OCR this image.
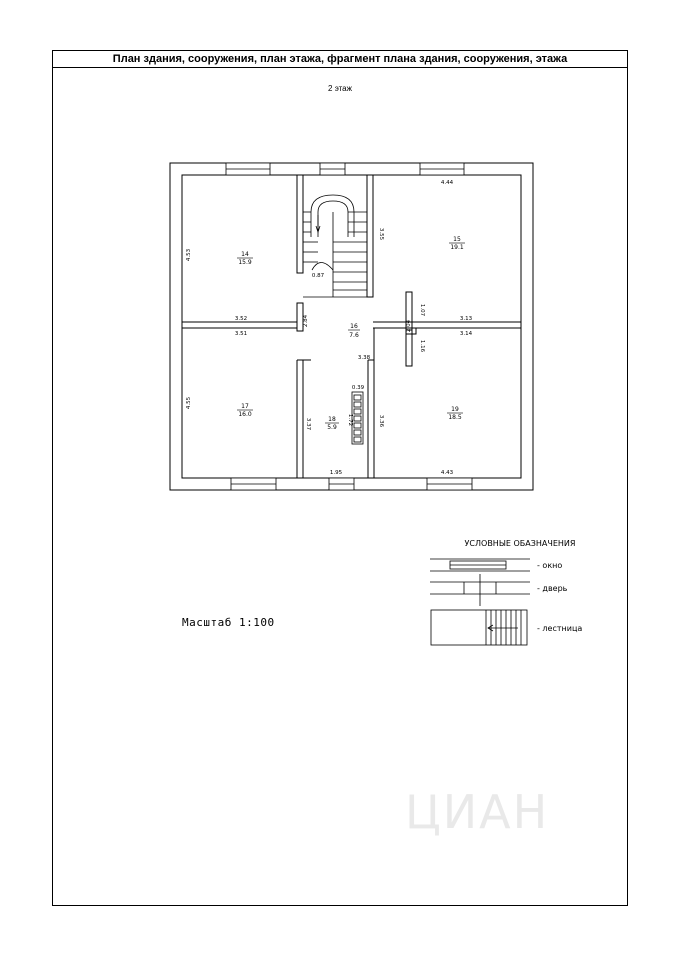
План здания, сооружения, план этажа, фрагмент плана здания, сооружения, этажа
2 этаж
14
15.9
15
19.1
16
7.6
17
16.0
18
5.9
19
18.5
4.53
4.44
3.55
0.87
1.07
3.52	2.84	2.04
3.13
3.51	3.14
1.16
3.38
0.39
4.55
3.37	1.72	3.36
1.95	4.43
УСЛОВНЫЕ ОБАЗНАЧЕНИЯ
- окно
- дверь
- лестница
Масштаб 1:100
ЦИАН
